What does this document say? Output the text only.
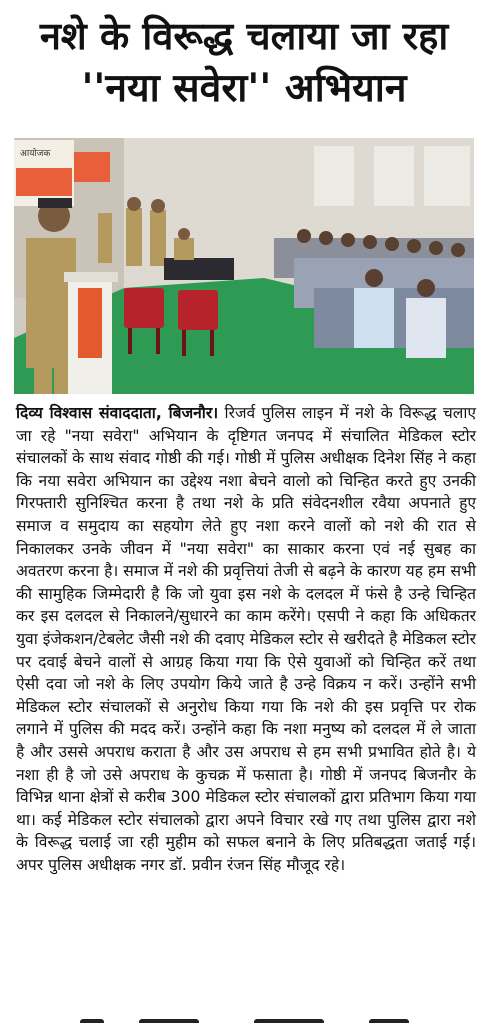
नशे के विरूद्ध चलाया जा रहा
''नया सवेरा'' अभियान
आयोजक
दिव्य विश्वास संवाददाता, बिजनौर। रिजर्व पुलिस लाइन में नशे के विरूद्ध चलाए जा रहे "नया सवेरा" अभियान के दृष्टिगत जनपद में संचालित मेडिकल स्टोर संचालकों के साथ संवाद गोष्ठी की गई। गोष्ठी में पुलिस अधीक्षक दिनेश सिंह ने कहा कि नया सवेरा अभियान का उद्देश्य नशा बेचने वालो को चिन्हित करते हुए उनकी गिरफ्तारी सुनिश्चित करना है तथा नशे के प्रति संवेदनशील रवैया अपनाते हुए समाज व समुदाय का सहयोग लेते हुए नशा करने वालों को नशे की रात से निकालकर उनके जीवन में "नया सवेरा" का साकार करना एवं नई सुबह का अवतरण करना है। समाज में नशे की प्रवृत्तियां तेजी से बढ़ने के कारण यह हम सभी की सामुहिक जिम्मेदारी है कि जो युवा इस नशे के दलदल में फंसे है उन्हे चिन्हित कर इस दलदल से निकालने/सुधारने का काम करेंगे। एसपी ने कहा कि अधिकतर युवा इंजेकशन/टेबलेट जैसी नशे की दवाए मेडिकल स्टोर से खरीदते है मेडिकल स्टोर पर दवाई बेचने वालों से आग्रह किया गया कि ऐसे युवाओं को चिन्हित करें तथा ऐसी दवा जो नशे के लिए उपयोग किये जाते है उन्हे विक्रय न करें। उन्होंने सभी मेडिकल स्टोर संचालकों से अनुरोध किया गया कि नशे की इस प्रवृत्ति पर रोक लगाने में पुलिस की मदद करें। उन्होंने कहा कि नशा मनुष्य को दलदल में ले जाता है और उससे अपराध कराता है और उस अपराध से हम सभी प्रभावित होते है। ये नशा ही है जो उसे अपराध के कुचक्र में फसाता है। गोष्ठी में जनपद बिजनौर के विभिन्न थाना क्षेत्रों से करीब 300 मेडिकल स्टोर संचालकों द्वारा प्रतिभाग किया गया था। कई मेडिकल स्टोर संचालको द्वारा अपने विचार रखे गए तथा पुलिस द्वारा नशे के विरूद्ध चलाई जा रही मुहीम को सफल बनाने के लिए प्रतिबद्धता जताई गई। अपर पुलिस अधीक्षक नगर डॉ. प्रवीन रंजन सिंह मौजूद रहे।
